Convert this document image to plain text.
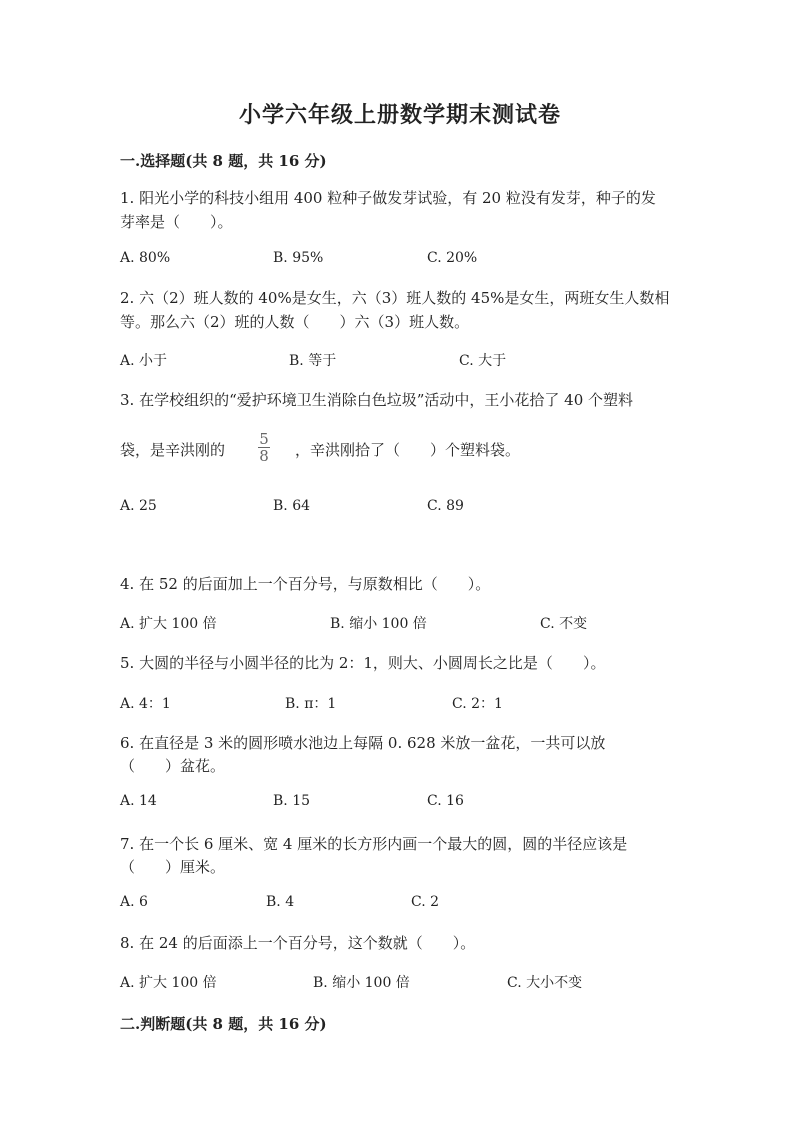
小学六年级上册数学期末测试卷
一.选择题(共 8 题，共 16 分)
1. 阳光小学的科技小组用 400 粒种子做发芽试验，有 20 粒没有发芽，种子的发
芽率是（　　）。
A. 80%	B. 95%	C. 20%
2. 六（2）班人数的 40%是女生，六（3）班人数的 45%是女生，两班女生人数相
等。那么六（2）班的人数（　　）六（3）班人数。
A. 小于	B. 等于	C. 大于
3. 在学校组织的“爱护环境卫生消除白色垃圾”活动中，王小花拾了 40 个塑料
袋，是辛洪刚的
5
8 ，辛洪刚拾了（　　）个塑料袋。
A. 25	B. 64	C. 89
4. 在 52 的后面加上一个百分号，与原数相比（　　）。
A. 扩大 100 倍	B. 缩小 100 倍	C. 不变
5. 大圆的半径与小圆半径的比为 2：1，则大、小圆周长之比是（　　）。
A. 4：1	B. π：1	C. 2：1
6. 在直径是 3 米的圆形喷水池边上每隔 0. 628 米放一盆花，一共可以放
（　　）盆花。
A. 14	B. 15	C. 16
7. 在一个长 6 厘米、宽 4 厘米的长方形内画一个最大的圆，圆的半径应该是
（　　）厘米。
A. 6	B. 4	C. 2
8. 在 24 的后面添上一个百分号，这个数就（　　）。
A. 扩大 100 倍	B. 缩小 100 倍	C. 大小不变
二.判断题(共 8 题，共 16 分)
